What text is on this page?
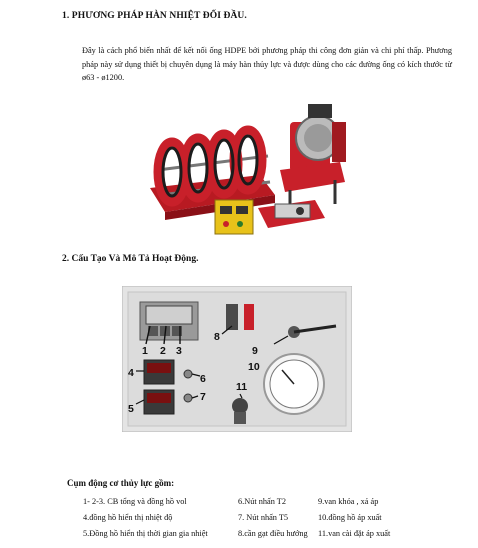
1. PHƯƠNG PHÁP HÀN NHIỆT ĐỐI ĐẦU.
Đây là cách phổ biến nhất để kết nối ống HDPE bởi phương pháp thi công đơn giản và chi phí thấp. Phương pháp này sử dụng thiết bị chuyên dụng là máy hàn thủy lực và được dùng cho các đường ống có kích thước từ ø63 - ø1200.
2. Cấu Tạo Và Mô Tả Hoạt Động.
1 2 3
4
5
6
7
8
9
10
11
Cụm động cơ thủy lực gồm:
1- 2-3. CB tổng và đồng hồ vol
4.đồng hồ hiển thị nhiệt độ
5.Đồng hồ hiển thị thời gian gia nhiệt
6.Nút nhấn T2
7. Nút nhấn T5
8.cần gạt điều hướng
9.van khóa , xả áp
10.đồng hồ áp xuất
11.van cài đặt áp xuất
